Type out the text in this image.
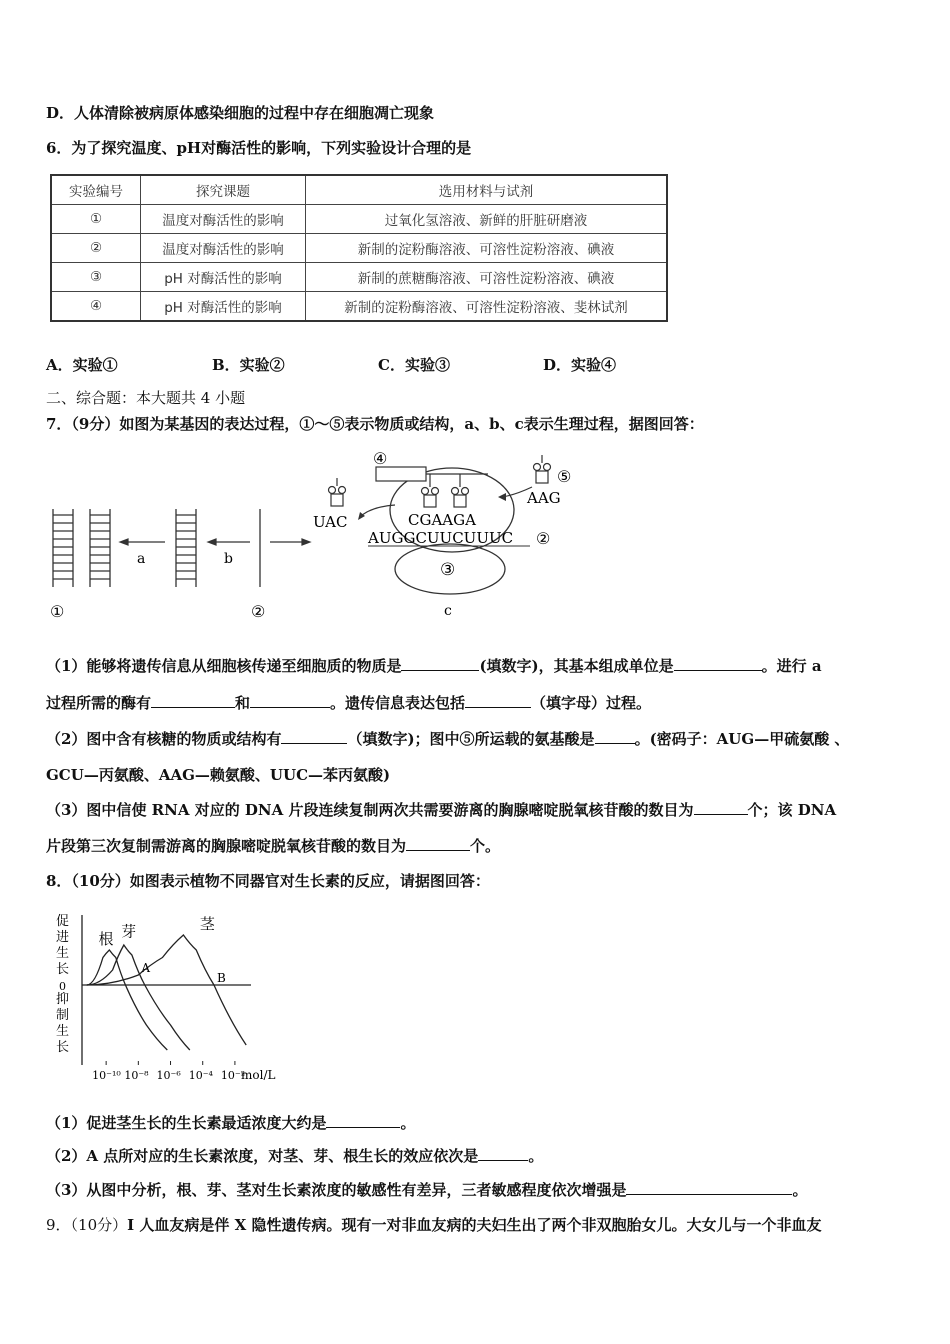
D．人体清除被病原体感染细胞的过程中存在细胞凋亡现象
6．为了探究温度、pH对酶活性的影响，下列实验设计合理的是
实验编号	探究课题	选用材料与试剂
①	温度对酶活性的影响	过氧化氢溶液、新鲜的肝脏研磨液
②	温度对酶活性的影响	新制的淀粉酶溶液、可溶性淀粉溶液、碘液
③	pH 对酶活性的影响	新制的蔗糖酶溶液、可溶性淀粉溶液、碘液
④	pH 对酶活性的影响	新制的淀粉酶溶液、可溶性淀粉溶液、斐林试剂
A．实验①	B．实验②	C．实验③	D．实验④
二、综合题：本大题共 4 小题
7．（9分）如图为某基因的表达过程，①～⑤表示物质或结构，a、b、c表示生理过程，据图回答：
a	b
①	②
③
④
UAC
⑤
AAG
CGAAGA
AUGGCUUCUUUC ②
c
（1）能够将遗传信息从细胞核传递至细胞质的物质是	(填数字)，其基本组成单位是	。进行 a
过程所需的酶有	和	。遗传信息表达包括	（填字母）过程。
（2）图中含有核糖的物质或结构有	（填数字)；图中⑤所运载的氨基酸是	。(密码子：AUG—甲硫氨酸 、
GCU—丙氨酸、AAG—赖氨酸、UUC—苯丙氨酸)
（3）图中信使 RNA 对应的 DNA 片段连续复制两次共需要游离的胸腺嘧啶脱氧核苷酸的数目为	个；该 DNA
片段第三次复制需游离的胸腺嘧啶脱氧核苷酸的数目为	个。
8．（10分）如图表示植物不同器官对生长素的反应，请据图回答：
促
进
生
长
0
抑
制
生
长
根 芽	茎
A
B
10⁻¹⁰ 10⁻⁸ 10⁻⁶ 10⁻⁴ 10⁻²
mol/L
（1）促进茎生长的生长素最适浓度大约是	。
（2）A 点所对应的生长素浓度，对茎、芽、根生长的效应依次是	。
（3）从图中分析，根、芽、茎对生长素浓度的敏感性有差异，三者敏感程度依次增强是	。
9．（10分）I 人血友病是伴 X 隐性遗传病。现有一对非血友病的夫妇生出了两个非双胞胎女儿。大女儿与一个非血友
